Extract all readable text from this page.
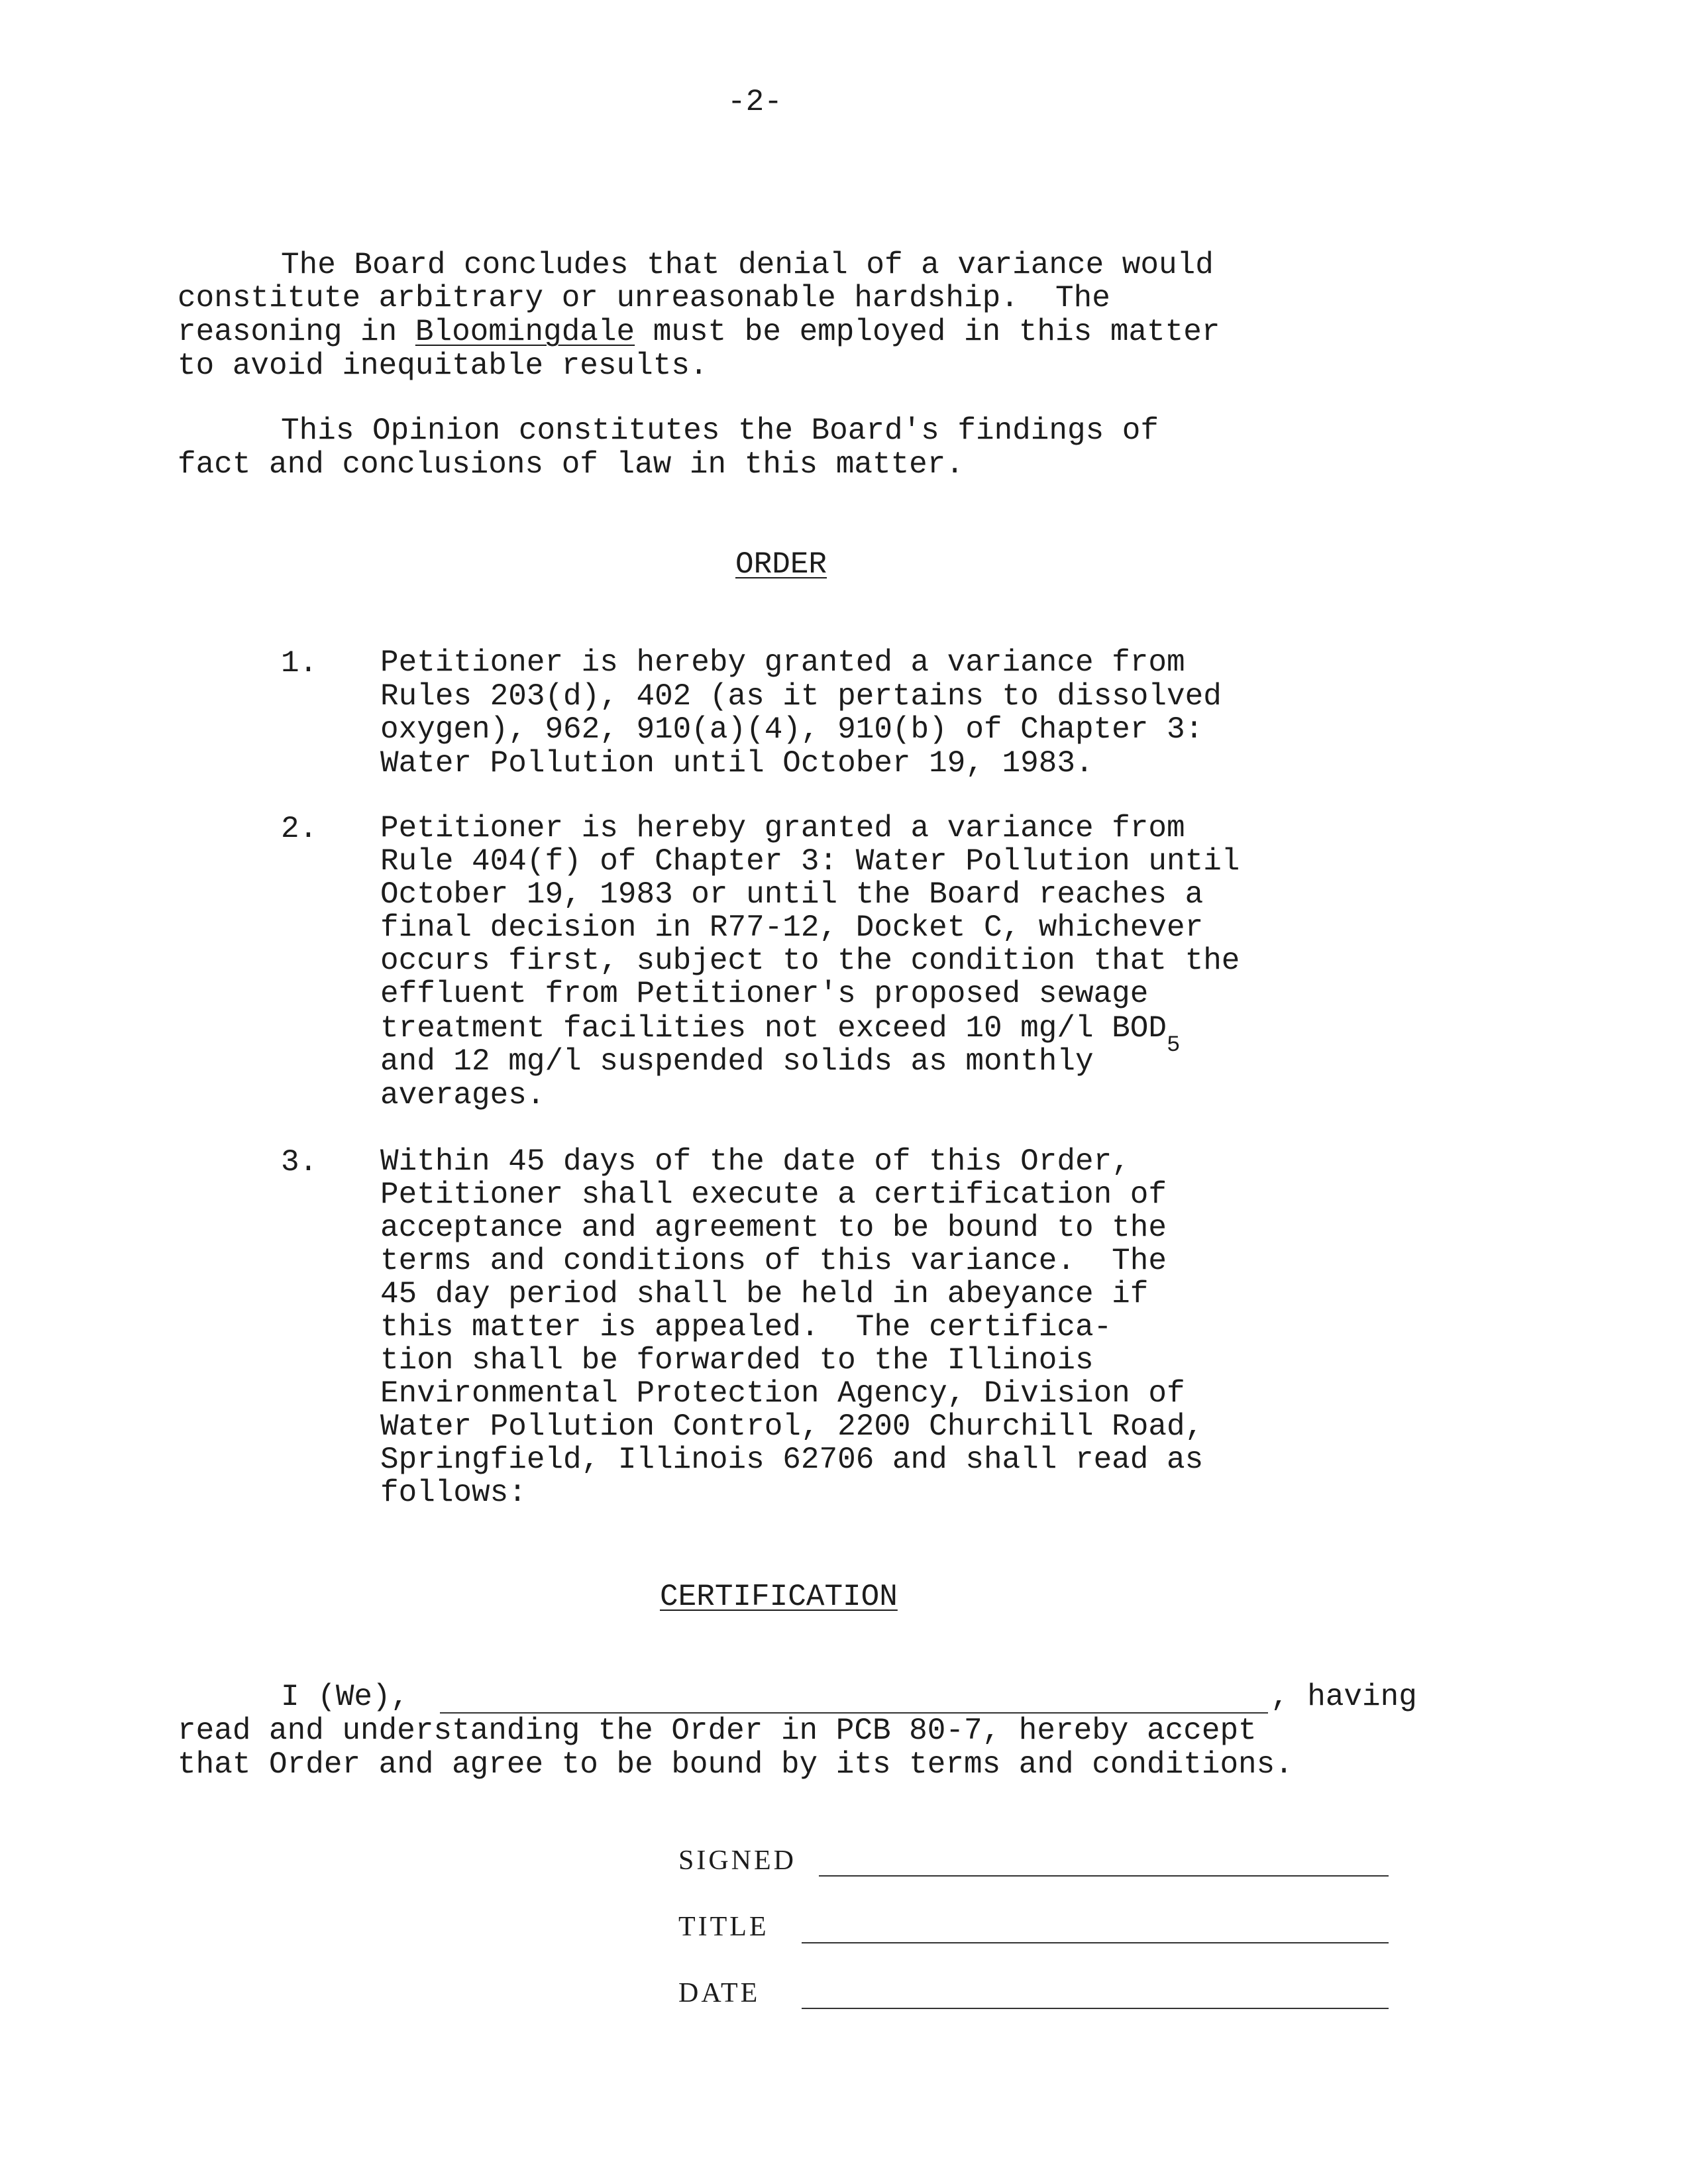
-2-
The Board concludes that denial of a variance would
constitute arbitrary or unreasonable hardship.  The
reasoning in Bloomingdale must be employed in this matter
to avoid inequitable results.
This Opinion constitutes the Board's findings of
fact and conclusions of law in this matter.
ORDER
1. Petitioner is hereby granted a variance from
Rules 203(d), 402 (as it pertains to dissolved
oxygen), 962, 910(a)(4), 910(b) of Chapter 3:
Water Pollution until October 19, 1983.
2. Petitioner is hereby granted a variance from
Rule 404(f) of Chapter 3: Water Pollution until
October 19, 1983 or until the Board reaches a
final decision in R77-12, Docket C, whichever
occurs first, subject to the condition that the
effluent from Petitioner's proposed sewage
treatment facilities not exceed 10 mg/l $BOD_5$
and 12 mg/l suspended solids as monthly
averages.
3. Within 45 days of the date of this Order,
Petitioner shall execute a certification of
acceptance and agreement to be bound to the
terms and conditions of this variance.  The
45 day period shall be held in abeyance if
this matter is appealed.  The certifica-
tion shall be forwarded to the Illinois
Environmental Protection Agency, Division of
Water Pollution Control, 2200 Churchill Road,
Springfield, Illinois 62706 and shall read as
follows:
CERTIFICATION
I (We),	, having
read and understanding the Order in PCB 80-7, hereby accept
that Order and agree to be bound by its terms and conditions.
SIGNED
TITLE
DATE
